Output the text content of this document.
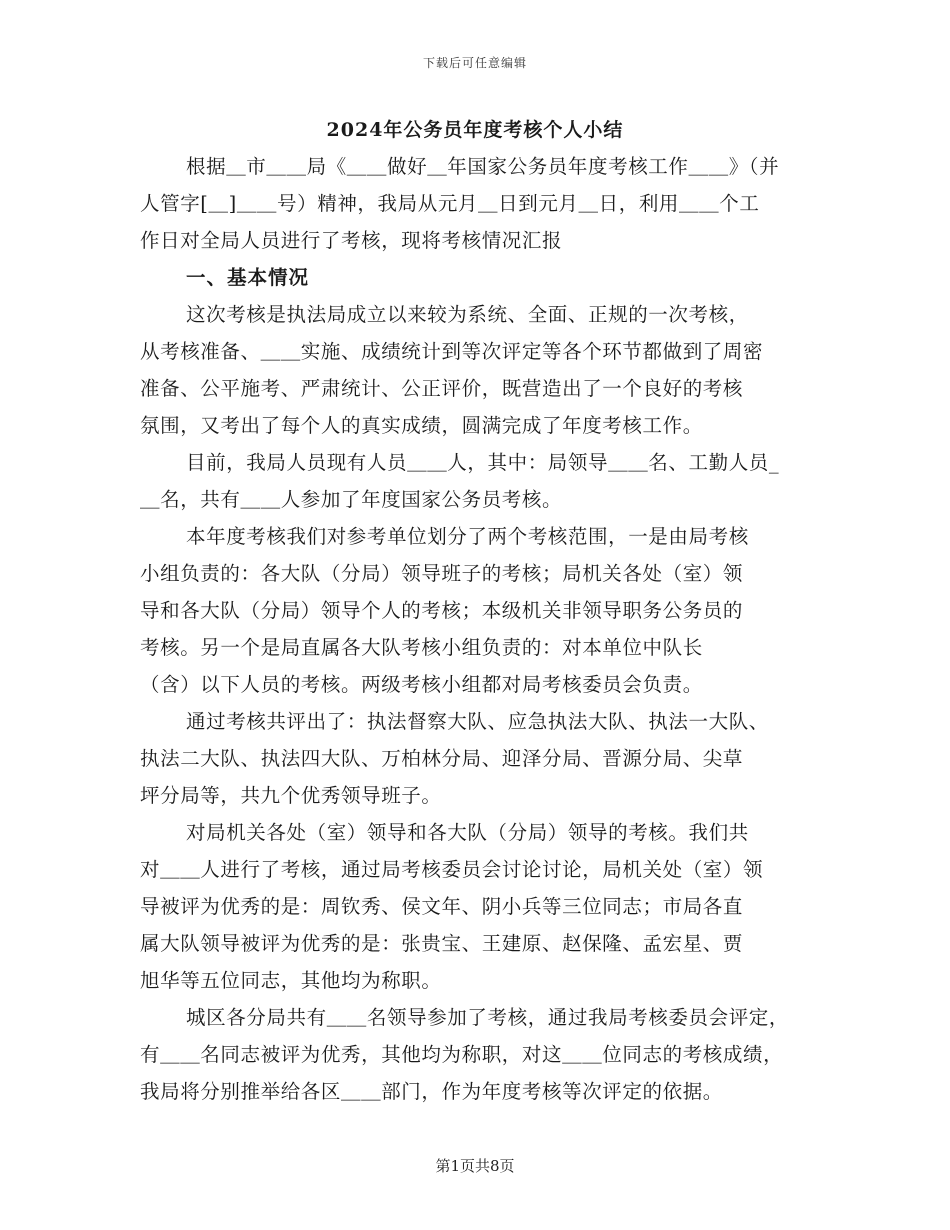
下载后可任意编辑
2024年公务员年度考核个人小结
根据＿市＿＿局《＿＿做好＿年国家公务员年度考核工作＿＿》（并
人管字[＿]＿＿号）精神，我局从元月＿日到元月＿日，利用＿＿个工
作日对全局人员进行了考核，现将考核情况汇报
一、基本情况
这次考核是执法局成立以来较为系统、全面、正规的一次考核，
从考核准备、＿＿实施、成绩统计到等次评定等各个环节都做到了周密
准备、公平施考、严肃统计、公正评价，既营造出了一个良好的考核
氛围，又考出了每个人的真实成绩，圆满完成了年度考核工作。
目前，我局人员现有人员＿＿人，其中：局领导＿＿名、工勤人员_
＿名，共有＿＿人参加了年度国家公务员考核。
本年度考核我们对参考单位划分了两个考核范围，一是由局考核
小组负责的：各大队（分局）领导班子的考核；局机关各处（室）领
导和各大队（分局）领导个人的考核；本级机关非领导职务公务员的
考核。另一个是局直属各大队考核小组负责的：对本单位中队长
（含）以下人员的考核。两级考核小组都对局考核委员会负责。
通过考核共评出了：执法督察大队、应急执法大队、执法一大队、
执法二大队、执法四大队、万柏林分局、迎泽分局、晋源分局、尖草
坪分局等，共九个优秀领导班子。
对局机关各处（室）领导和各大队（分局）领导的考核。我们共
对＿＿人进行了考核，通过局考核委员会讨论讨论，局机关处（室）领
导被评为优秀的是：周钦秀、侯文年、阴小兵等三位同志；市局各直
属大队领导被评为优秀的是：张贵宝、王建原、赵保隆、孟宏星、贾
旭华等五位同志，其他均为称职。
城区各分局共有＿＿名领导参加了考核，通过我局考核委员会评定，
有＿＿名同志被评为优秀，其他均为称职，对这＿＿位同志的考核成绩，
我局将分别推举给各区＿＿部门，作为年度考核等次评定的依据。
第1页共8页
